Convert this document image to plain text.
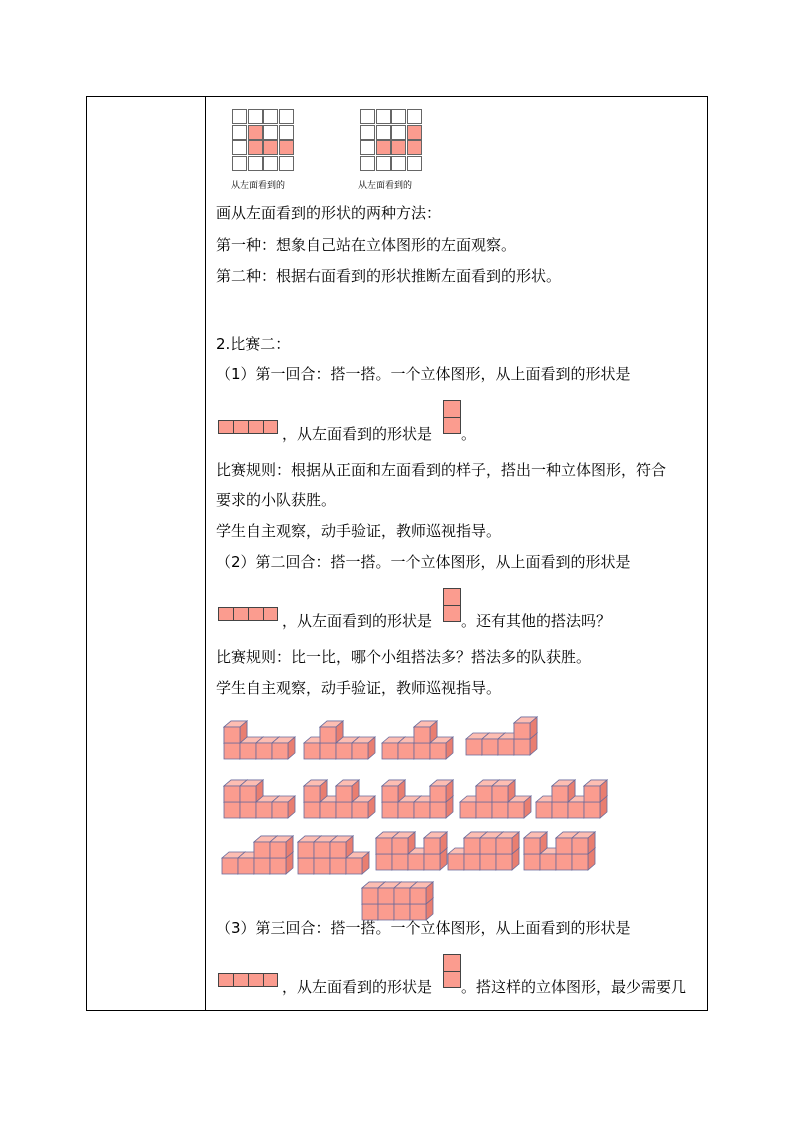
从左面看到的	从左面看到的
画从左面看到的形状的两种方法：
第一种：想象自己站在立体图形的左面观察。
第二种：根据右面看到的形状推断左面看到的形状。
2.比赛二：
（1）第一回合：搭一搭。一个立体图形，从上面看到的形状是
，从左面看到的形状是 。
比赛规则：根据从正面和左面看到的样子，搭出一种立体图形，符合
要求的小队获胜。
学生自主观察，动手验证，教师巡视指导。
（2）第二回合：搭一搭。一个立体图形，从上面看到的形状是
，从左面看到的形状是 。还有其他的搭法吗？
比赛规则：比一比，哪个小组搭法多？搭法多的队获胜。
学生自主观察，动手验证，教师巡视指导。
（3）第三回合：搭一搭。一个立体图形，从上面看到的形状是
，从左面看到的形状是 。搭这样的立体图形，最少需要几
